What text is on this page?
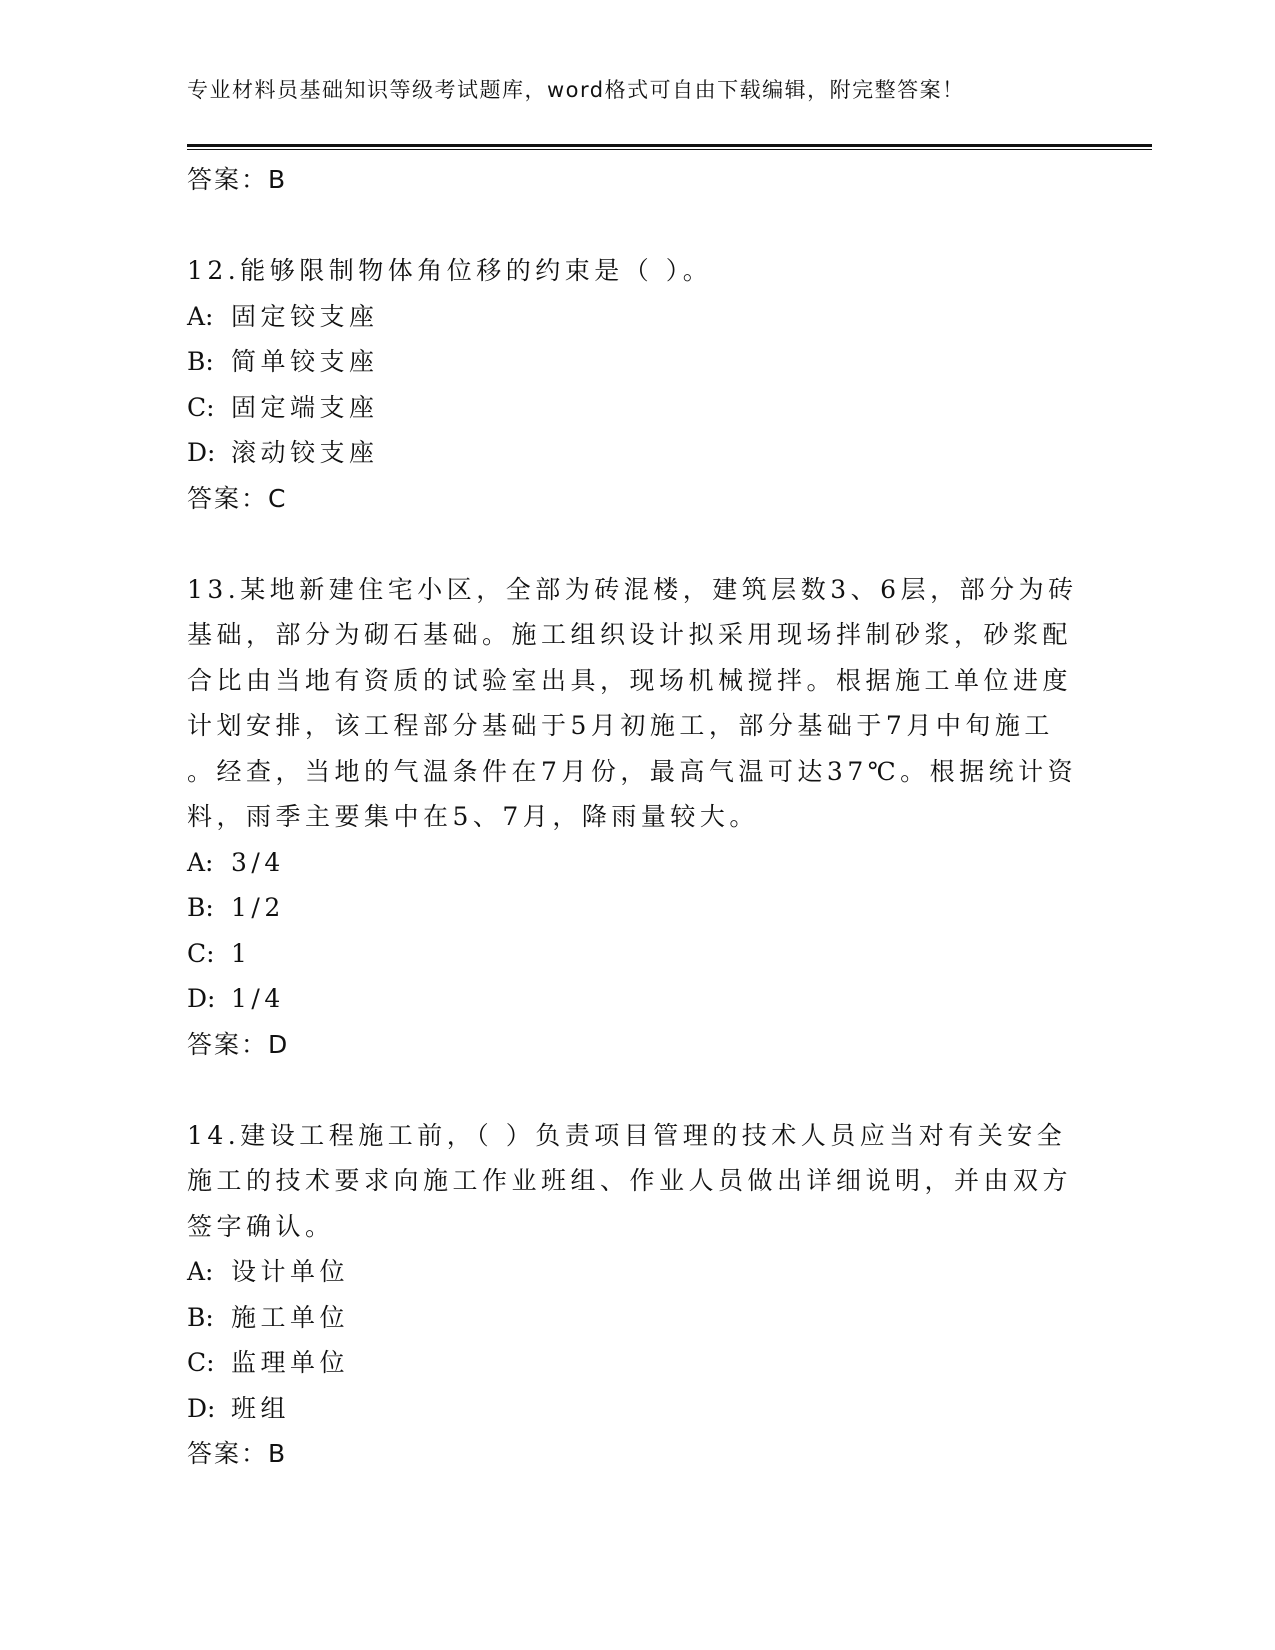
专业材料员基础知识等级考试题库，word格式可自由下载编辑，附完整答案！
答案：B
12.能够限制物体角位移的约束是（ ）。
A: 固定铰支座
B: 简单铰支座
C: 固定端支座
D: 滚动铰支座
答案：C
13.某地新建住宅小区，全部为砖混楼，建筑层数3、6层，部分为砖
基础，部分为砌石基础。施工组织设计拟采用现场拌制砂浆，砂浆配
合比由当地有资质的试验室出具，现场机械搅拌。根据施工单位进度
计划安排，该工程部分基础于5月初施工，部分基础于7月中旬施工
。经查，当地的气温条件在7月份，最高气温可达37℃。根据统计资
料，雨季主要集中在5、7月，降雨量较大。
A: 3/4
B: 1/2
C: 1
D: 1/4
答案：D
14.建设工程施工前，（ ）负责项目管理的技术人员应当对有关安全
施工的技术要求向施工作业班组、作业人员做出详细说明，并由双方
签字确认。
A: 设计单位
B: 施工单位
C: 监理单位
D: 班组
答案：B
